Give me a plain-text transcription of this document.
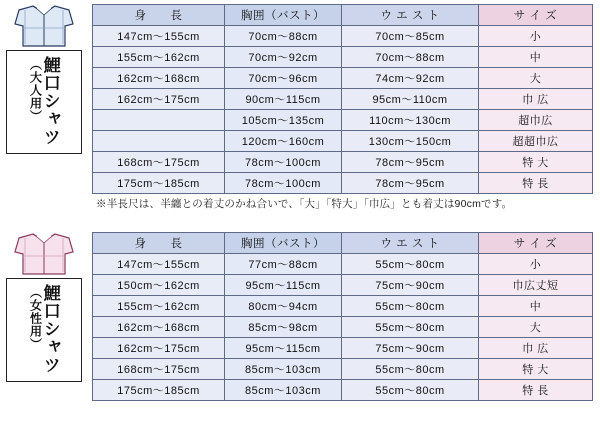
鯉口シャツ
（大人用）
身　　長	胸囲（バスト）	ウ エ ス ト	サ イ ズ
147cm〜155cm	70cm〜88cm	70cm〜85cm	小
155cm〜162cm	70cm〜92cm	70cm〜88cm	中
162cm〜168cm	70cm〜96cm	74cm〜92cm	大
162cm〜175cm	90cm〜115cm	95cm〜110cm	巾 広
	105cm〜135cm	110cm〜130cm	超巾広
	120cm〜160cm	130cm〜150cm	超超巾広
168cm〜175cm	78cm〜100cm	78cm〜95cm	特 大
175cm〜185cm	78cm〜100cm	78cm〜95cm	特 長
※半長尺は、半纏との着丈のかね合いで、「大」「特大」「巾広」とも着丈は90cmです。
鯉口シャツ
（女性用）
身　　長	胸囲（バスト）	ウ エ ス ト	サ イ ズ
147cm〜155cm	77cm〜88cm	55cm〜80cm	小
150cm〜162cm	95cm〜115cm	75cm〜90cm	巾広丈短
155cm〜162cm	80cm〜94cm	55cm〜80cm	中
162cm〜168cm	85cm〜98cm	55cm〜80cm	大
162cm〜175cm	95cm〜115cm	75cm〜90cm	巾 広
168cm〜175cm	85cm〜103cm	55cm〜80cm	特 大
175cm〜185cm	85cm〜103cm	55cm〜80cm	特 長
